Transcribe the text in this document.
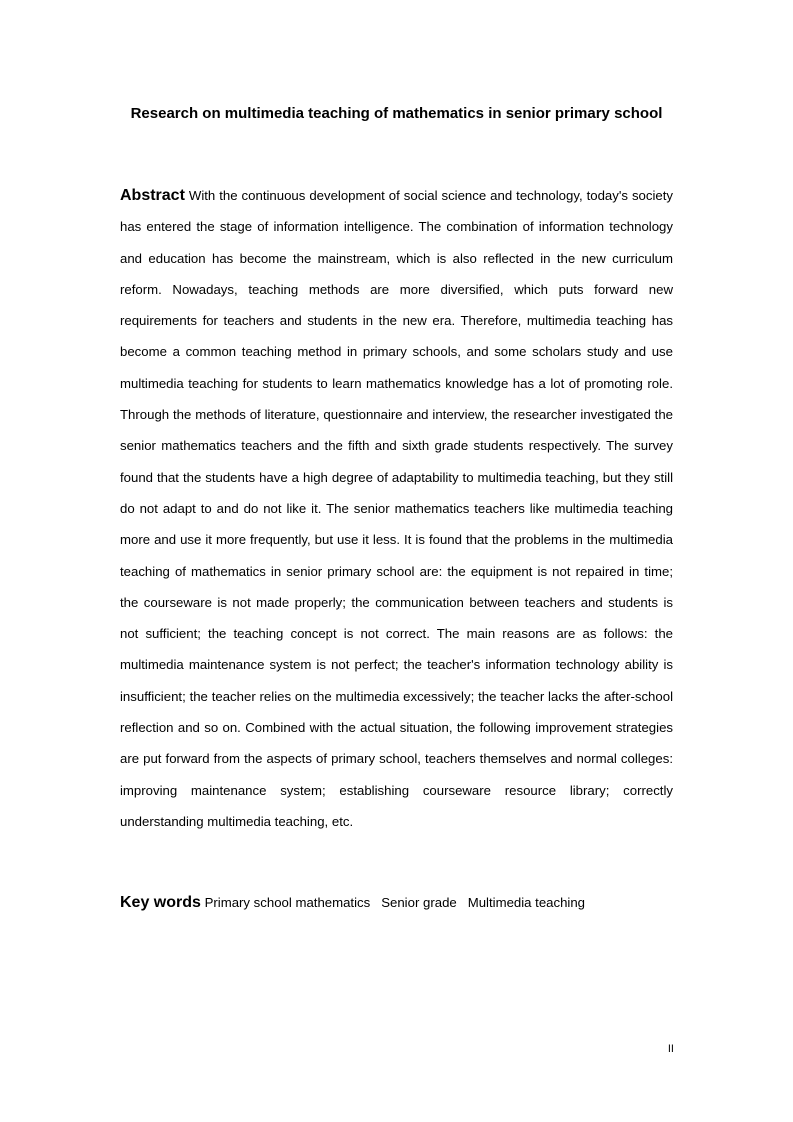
Research on multimedia teaching of mathematics in senior primary school

Abstract With the continuous development of social science and technology, today's society has entered the stage of information intelligence. The combination of information technology and education has become the mainstream, which is also reflected in the new curriculum reform. Nowadays, teaching methods are more diversified, which puts forward new requirements for teachers and students in the new era. Therefore, multimedia teaching has become a common teaching method in primary schools, and some scholars study and use multimedia teaching for students to learn mathematics knowledge has a lot of promoting role. Through the methods of literature, questionnaire and interview, the researcher investigated the senior mathematics teachers and the fifth and sixth grade students respectively. The survey found that the students have a high degree of adaptability to multimedia teaching, but they still do not adapt to and do not like it. The senior mathematics teachers like multimedia teaching more and use it more frequently, but use it less. It is found that the problems in the multimedia teaching of mathematics in senior primary school are: the equipment is not repaired in time; the courseware is not made properly; the communication between teachers and students is not sufficient; the teaching concept is not correct. The main reasons are as follows: the multimedia maintenance system is not perfect; the teacher's information technology ability is insufficient; the teacher relies on the multimedia excessively; the teacher lacks the after-school reflection and so on. Combined with the actual situation, the following improvement strategies are put forward from the aspects of primary school, teachers themselves and normal colleges: improving maintenance system; establishing courseware resource library; correctly understanding multimedia teaching, etc.

Key words Primary school mathematics Senior grade Multimedia teaching

II
